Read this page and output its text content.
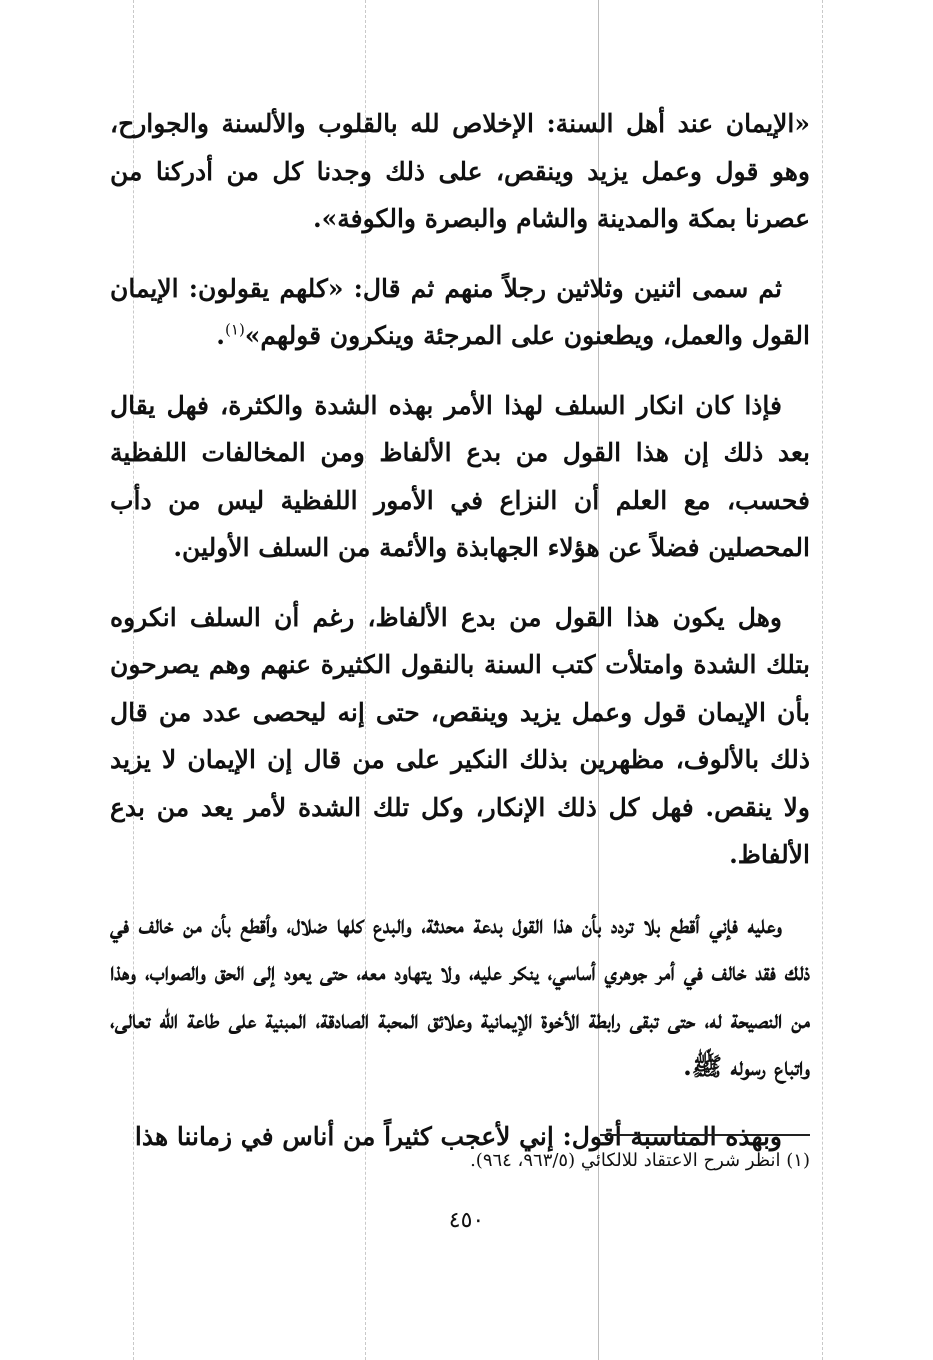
«الإيمان عند أهل السنة: الإخلاص لله بالقلوب والألسنة والجوارح، وهو قول وعمل يزيد وينقص، على ذلك وجدنا كل من أدركنا من عصرنا بمكة والمدينة والشام والبصرة والكوفة».

ثم سمى اثنين وثلاثين رجلاً منهم ثم قال: «كلهم يقولون: الإيمان القول والعمل، ويطعنون على المرجئة وينكرون قولهم»$^{(١)}$.

فإذا كان انكار السلف لهذا الأمر بهذه الشدة والكثرة، فهل يقال بعد ذلك إن هذا القول من بدع الألفاظ ومن المخالفات اللفظية فحسب، مع العلم أن النزاع في الأمور اللفظية ليس من دأب المحصلين فضلاً عن هؤلاء الجهابذة والأئمة من السلف الأولين.

وهل يكون هذا القول من بدع الألفاظ، رغم أن السلف انكروه بتلك الشدة وامتلأت كتب السنة بالنقول الكثيرة عنهم وهم يصرحون بأن الإيمان قول وعمل يزيد وينقص، حتى إنه ليحصى عدد من قال ذلك بالألوف، مظهرين بذلك النكير على من قال إن الإيمان لا يزيد ولا ينقص. فهل كل ذلك الإنكار، وكل تلك الشدة لأمر يعد من بدع الألفاظ.

وعليه فإني أقطع بلا تردد بأن هذا القول بدعة محدثة، والبدع كلها ضلال، وأقطع بأن من خالف في ذلك فقد خالف في أمر جوهري أساسي، ينكر عليه، ولا يتهاود معه، حتى يعود إلى الحق والصواب، وهذا من النصيحة له، حتى تبقى رابطة الأخوة الإيمانية وعلائق المحبة الصادقة، المبنية على طاعة الله تعالى، واتباع رسوله ﷺ.

وبهذه المناسبة أقول: إني لأعجب كثيراً من أناس في زماننا هذا

(١) انظر شرح الاعتقاد للالكائي (٩٦٣/٥، ٩٦٤).
٤٥٠
